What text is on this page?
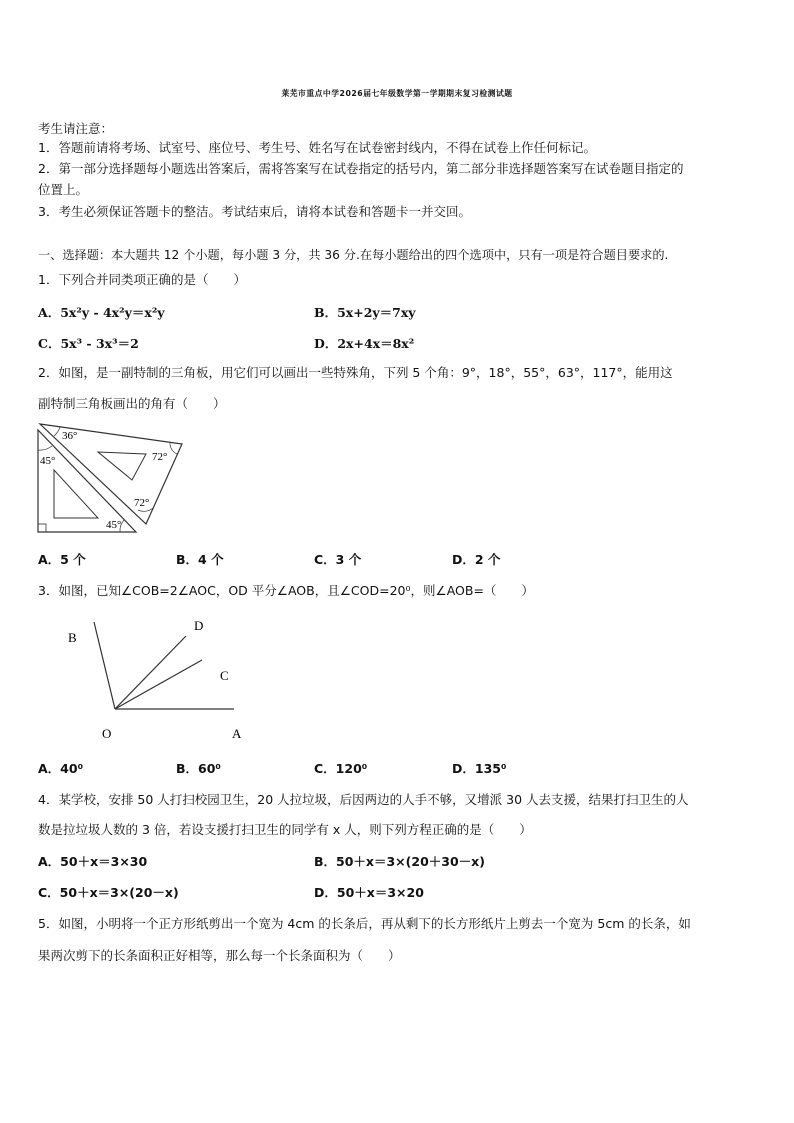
莱芜市重点中学2026届七年级数学第一学期期末复习检测试题
考生请注意：
1．答题前请将考场、试室号、座位号、考生号、姓名写在试卷密封线内，不得在试卷上作任何标记。
2．第一部分选择题每小题选出答案后，需将答案写在试卷指定的括号内，第二部分非选择题答案写在试卷题目指定的
位置上。
3．考生必须保证答题卡的整洁。考试结束后，请将本试卷和答题卡一并交回。
一、选择题：本大题共 12 个小题，每小题 3 分，共 36 分.在每小题给出的四个选项中，只有一项是符合题目要求的.
1．下列合并同类项正确的是（　　）
A．5x²y - 4x²y＝x²y	B．5x+2y＝7xy
C．5x³ - 3x³＝2	D．2x+4x＝8x²
2．如图，是一副特制的三角板，用它们可以画出一些特殊角，下列 5 个角：9°，18°，55°，63°，117°，能用这
副特制三角板画出的角有（　　）
36°
45°	72°
72°
45°
A．5 个	B．4 个	C．3 个	D．2 个
3．如图，已知∠COB=2∠AOC，OD 平分∠AOB，且∠COD=20⁰，则∠AOB=（　　）
B
D
C
O	A
A．40⁰	B．60⁰	C．120⁰	D．135⁰
4．某学校，安排 50 人打扫校园卫生，20 人拉垃圾，后因两边的人手不够，又增派 30 人去支援，结果打扫卫生的人
数是拉垃圾人数的 3 倍，若设支援打扫卫生的同学有 x 人，则下列方程正确的是（　　）
A．50＋x＝3×30	B．50＋x＝3×(20＋30－x)
C．50＋x＝3×(20－x)	D．50＋x＝3×20
5．如图，小明将一个正方形纸剪出一个宽为 4cm 的长条后，再从剩下的长方形纸片上剪去一个宽为 5cm 的长条，如
果两次剪下的长条面积正好相等，那么每一个长条面积为（　　）
